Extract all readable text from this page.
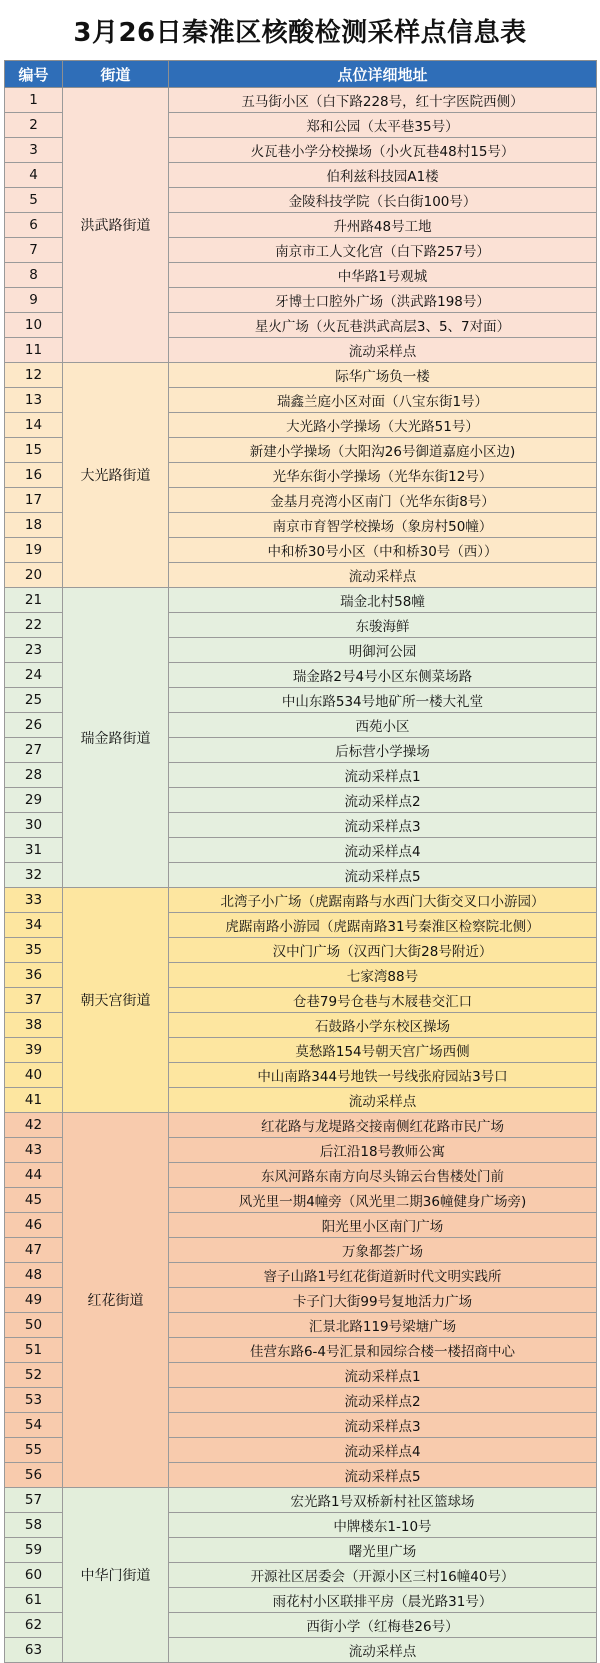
3月26日秦淮区核酸检测采样点信息表
编号	街道	点位详细地址
1	洪武路街道	五马街小区（白下路228号，红十字医院西侧）
2		郑和公园（太平巷35号）
3		火瓦巷小学分校操场（小火瓦巷48村15号）
4		伯利兹科技园A1楼
5		金陵科技学院（长白街100号）
6		升州路48号工地
7		南京市工人文化宫（白下路257号）
8		中华路1号观城
9		牙博士口腔外广场（洪武路198号）
10		星火广场（火瓦巷洪武高层3、5、7对面）
11		流动采样点
12	大光路街道	际华广场负一楼
13		瑞鑫兰庭小区对面（八宝东街1号）
14		大光路小学操场（大光路51号）
15		新建小学操场（大阳沟26号御道嘉庭小区边)
16		光华东街小学操场（光华东街12号）
17		金基月亮湾小区南门（光华东街8号）
18		南京市育智学校操场（象房村50幢）
19		中和桥30号小区（中和桥30号（西））
20		流动采样点
21	瑞金路街道	瑞金北村58幢
22		东骏海鲜
23		明御河公园
24		瑞金路2号4号小区东侧菜场路
25		中山东路534号地矿所一楼大礼堂
26		西苑小区
27		后标营小学操场
28		流动采样点1
29		流动采样点2
30		流动采样点3
31		流动采样点4
32		流动采样点5
33	朝天宫街道	北湾子小广场（虎踞南路与水西门大街交叉口小游园）
34		虎踞南路小游园（虎踞南路31号秦淮区检察院北侧）
35		汉中门广场（汉西门大街28号附近）
36		七家湾88号
37		仓巷79号仓巷与木屐巷交汇口
38		石鼓路小学东校区操场
39		莫愁路154号朝天宫广场西侧
40		中山南路344号地铁一号线张府园站3号口
41		流动采样点
42	红花街道	红花路与龙堤路交接南侧红花路市民广场
43		后江沿18号教师公寓
44		东风河路东南方向尽头锦云台售楼处门前
45		风光里一期4幢旁（风光里二期36幢健身广场旁)
46		阳光里小区南门广场
47		万象都荟广场
48		窨子山路1号红花街道新时代文明实践所
49		卡子门大街99号复地活力广场
50		汇景北路119号梁塘广场
51		佳营东路6-4号汇景和园综合楼一楼招商中心
52		流动采样点1
53		流动采样点2
54		流动采样点3
55		流动采样点4
56		流动采样点5
57	中华门街道	宏光路1号双桥新村社区篮球场
58		中牌楼东1-10号
59		曙光里广场
60		开源社区居委会（开源小区三村16幢40号）
61		雨花村小区联排平房（晨光路31号）
62		西街小学（红梅巷26号）
63		流动采样点
